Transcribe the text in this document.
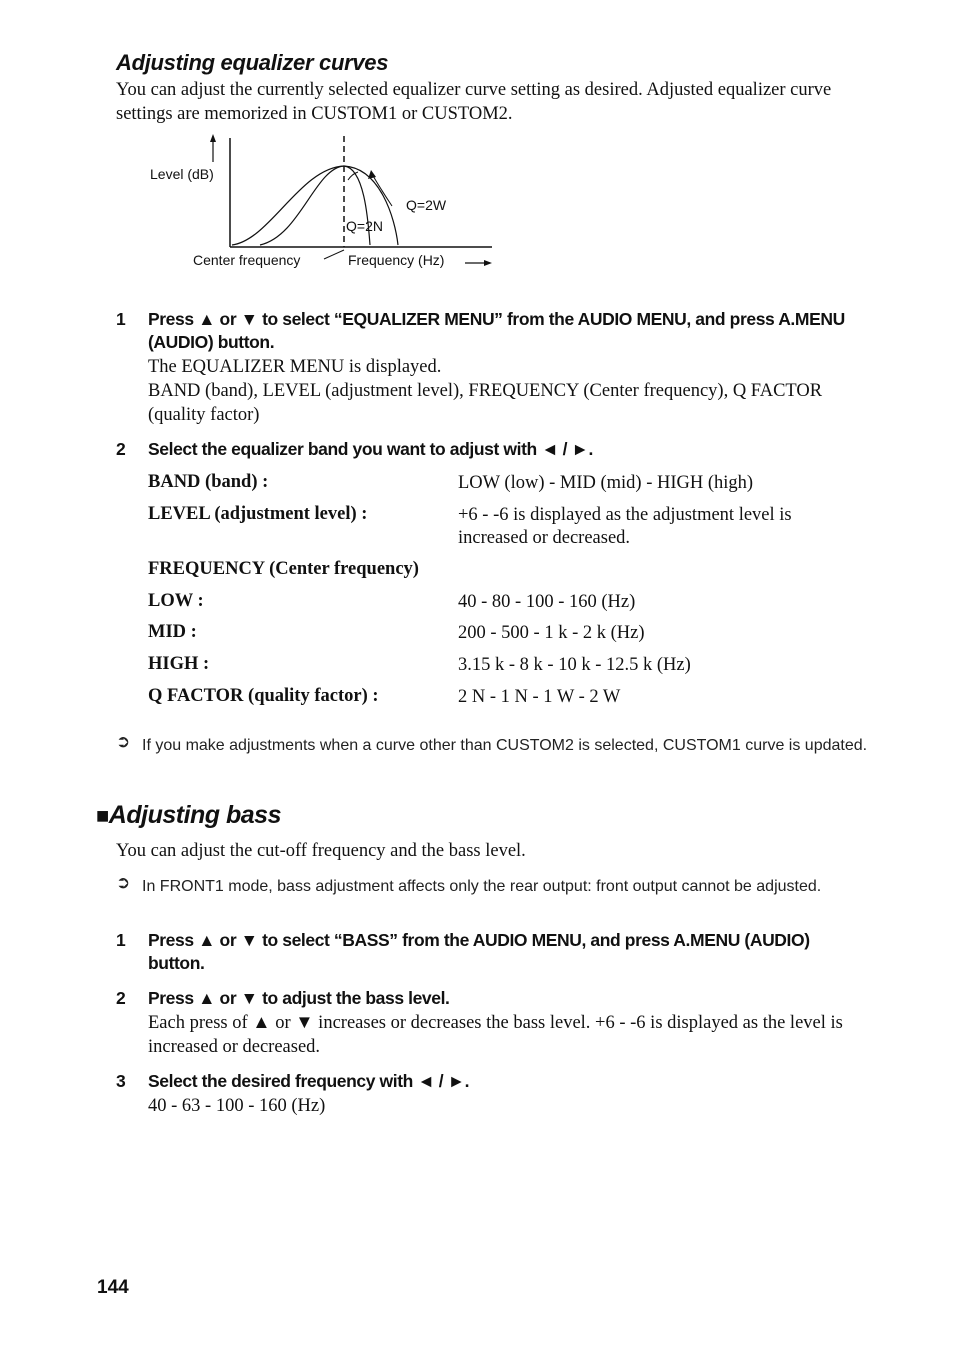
Adjusting equalizer curves
You can adjust the currently selected equalizer curve setting as desired. Adjusted equalizer curve settings are memorized in CUSTOM1 or CUSTOM2.
Level (dB)
Q=2W
Q=2N
Center frequency	Frequency (Hz)
1 Press ▲ or ▼ to select “EQUALIZER MENU” from the AUDIO MENU, and press A.MENU (AUDIO) button.
The EQUALIZER MENU is displayed.
BAND (band), LEVEL (adjustment level), FREQUENCY (Center frequency), Q FACTOR (quality factor)
2 Select the equalizer band you want to adjust with ◄ / ►.
BAND (band) :	LOW (low) - MID (mid) - HIGH (high)
LEVEL (adjustment level) :	+6 - -6 is displayed as the adjustment level is increased or decreased.
FREQUENCY (Center frequency)
LOW :	40 - 80 - 100 - 160 (Hz)
MID :	200 - 500 - 1 k - 2 k (Hz)
HIGH :	3.15 k - 8 k - 10 k - 12.5 k (Hz)
Q FACTOR (quality factor) :	2 N - 1 N - 1 W - 2 W
➲ If you make adjustments when a curve other than CUSTOM2 is selected, CUSTOM1 curve is updated.
■Adjusting bass
You can adjust the cut-off frequency and the bass level.
➲ In FRONT1 mode, bass adjustment affects only the rear output: front output cannot be adjusted.
1 Press ▲ or ▼ to select “BASS” from the AUDIO MENU, and press A.MENU (AUDIO) button.
2 Press ▲ or ▼ to adjust the bass level.
Each press of ▲ or ▼ increases or decreases the bass level. +6 - -6 is displayed as the level is increased or decreased.
3 Select the desired frequency with ◄ / ►.
40 - 63 - 100 - 160 (Hz)
144
